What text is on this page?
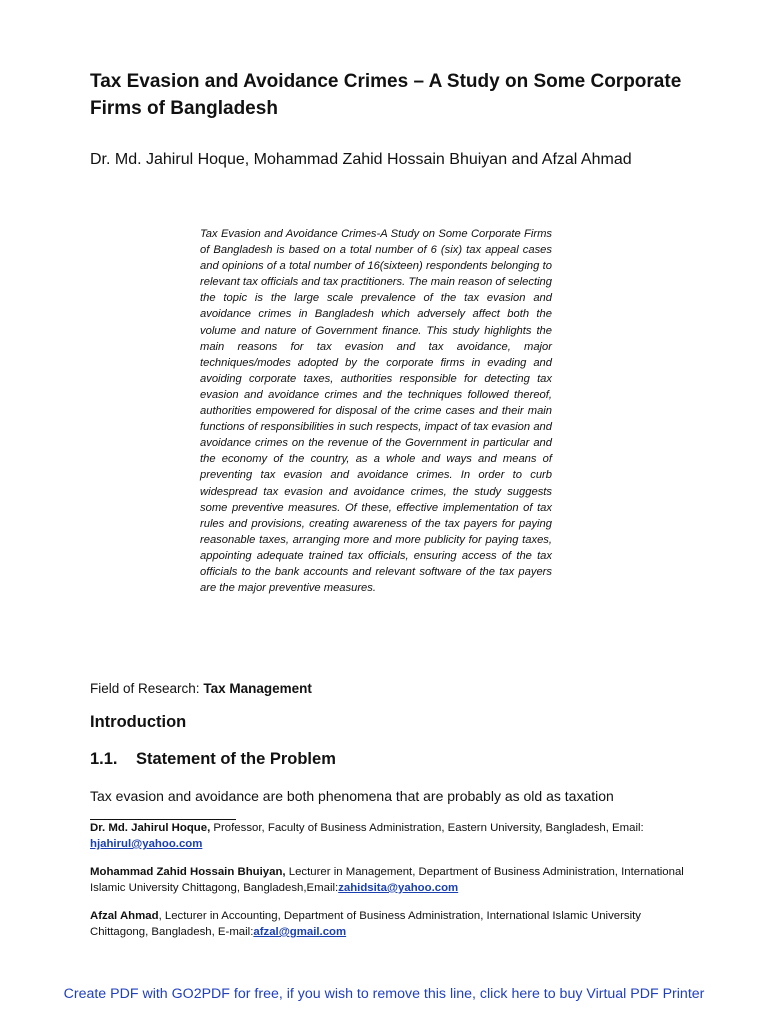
Tax Evasion and Avoidance Crimes – A Study on Some Corporate Firms of Bangladesh

Dr. Md. Jahirul Hoque, Mohammad Zahid Hossain Bhuiyan and Afzal Ahmad

Tax Evasion and Avoidance Crimes-A Study on Some Corporate Firms of Bangladesh is based on a total number of 6 (six) tax appeal cases and opinions of a total number of 16(sixteen) respondents belonging to relevant tax officials and tax practitioners. The main reason of selecting the topic is the large scale prevalence of the tax evasion and avoidance crimes in Bangladesh which adversely affect both the volume and nature of Government finance. This study highlights the main reasons for tax evasion and tax avoidance, major techniques/modes adopted by the corporate firms in evading and avoiding corporate taxes, authorities responsible for detecting tax evasion and avoidance crimes and the techniques followed thereof, authorities empowered for disposal of the crime cases and their main functions of responsibilities in such respects, impact of tax evasion and avoidance crimes on the revenue of the Government in particular and the economy of the country, as a whole and ways and means of preventing tax evasion and avoidance crimes. In order to curb widespread tax evasion and avoidance crimes, the study suggests some preventive measures. Of these, effective implementation of tax rules and provisions, creating awareness of the tax payers for paying reasonable taxes, arranging more and more publicity for paying taxes, appointing adequate trained tax officials, ensuring access of the tax officials to the bank accounts and relevant software of the tax payers are the major preventive measures.

Field of Research: Tax Management

Introduction
1.1. Statement of the Problem

Tax evasion and avoidance are both phenomena that are probably as old as taxation

Dr. Md. Jahirul Hoque, Professor, Faculty of Business Administration, Eastern University, Bangladesh, Email: hjahirul@yahoo.com

Mohammad Zahid Hossain Bhuiyan, Lecturer in Management, Department of Business Administration, International Islamic University Chittagong, Bangladesh,Email:zahidsita@yahoo.com

Afzal Ahmad, Lecturer in Accounting, Department of Business Administration, International Islamic University Chittagong, Bangladesh, E-mail:afzal@gmail.com

Create PDF with GO2PDF for free, if you wish to remove this line, click here to buy Virtual PDF Printer
